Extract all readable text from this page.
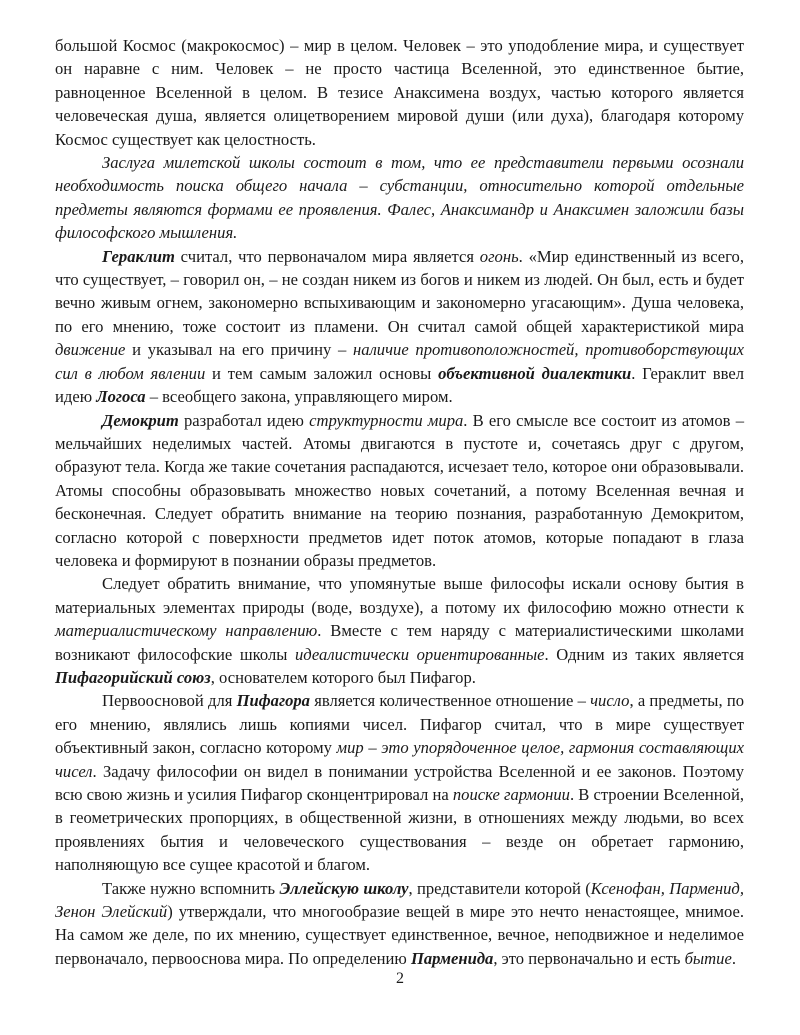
большой Космос (макрокосмос) – мир в целом. Человек – это уподобление мира, и существует он наравне с ним. Человек – не просто частица Вселенной, это единственное бытие, равноценное Вселенной в целом. В тезисе Анаксимена воздух, частью которого является человеческая душа, является олицетворением мировой души (или духа), благодаря которому Космос существует как целостность.

Заслуга милетской школы состоит в том, что ее представители первыми осознали необходимость поиска общего начала – субстанции, относительно которой отдельные предметы являются формами ее проявления. Фалес, Анаксимандр и Анаксимен заложили базы философского мышления.

Гераклит считал, что первоначалом мира является огонь. «Мир единственный из всего, что существует, – говорил он, – не создан никем из богов и никем из людей. Он был, есть и будет вечно живым огнем, закономерно вспыхивающим и закономерно угасающим». Душа человека, по его мнению, тоже состоит из пламени. Он считал самой общей характеристикой мира движение и указывал на его причину – наличие противоположностей, противоборствующих сил в любом явлении и тем самым заложил основы объективной диалектики. Гераклит ввел идею Логоса – всеобщего закона, управляющего миром.

Демокрит разработал идею структурности мира. В его смысле все состоит из атомов – мельчайших неделимых частей. Атомы двигаются в пустоте и, сочетаясь друг с другом, образуют тела. Когда же такие сочетания распадаются, исчезает тело, которое они образовывали. Атомы способны образовывать множество новых сочетаний, а потому Вселенная вечная и бесконечная. Следует обратить внимание на теорию познания, разработанную Демокритом, согласно которой с поверхности предметов идет поток атомов, которые попадают в глаза человека и формируют в познании образы предметов.

Следует обратить внимание, что упомянутые выше философы искали основу бытия в материальных элементах природы (воде, воздухе), а потому их философию можно отнести к материалистическому направлению. Вместе с тем наряду с материалистическими школами возникают философские школы идеалистически ориентированные. Одним из таких является Пифагорийский союз, основателем которого был Пифагор.

Первоосновой для Пифагора является количественное отношение – число, а предметы, по его мнению, являлись лишь копиями чисел. Пифагор считал, что в мире существует объективный закон, согласно которому мир – это упорядоченное целое, гармония составляющих чисел. Задачу философии он видел в понимании устройства Вселенной и ее законов. Поэтому всю свою жизнь и усилия Пифагор сконцентрировал на поиске гармонии. В строении Вселенной, в геометрических пропорциях, в общественной жизни, в отношениях между людьми, во всех проявлениях бытия и человеческого существования – везде он обретает гармонию, наполняющую все сущее красотой и благом.

Также нужно вспомнить Эллейскую школу, представители которой (Ксенофан, Парменид, Зенон Элейский) утверждали, что многообразие вещей в мире это нечто ненастоящее, мнимое. На самом же деле, по их мнению, существует единственное, вечное, неподвижное и неделимое первоначало, первооснова мира. По определению Парменида, это первоначально и есть бытие.

2
